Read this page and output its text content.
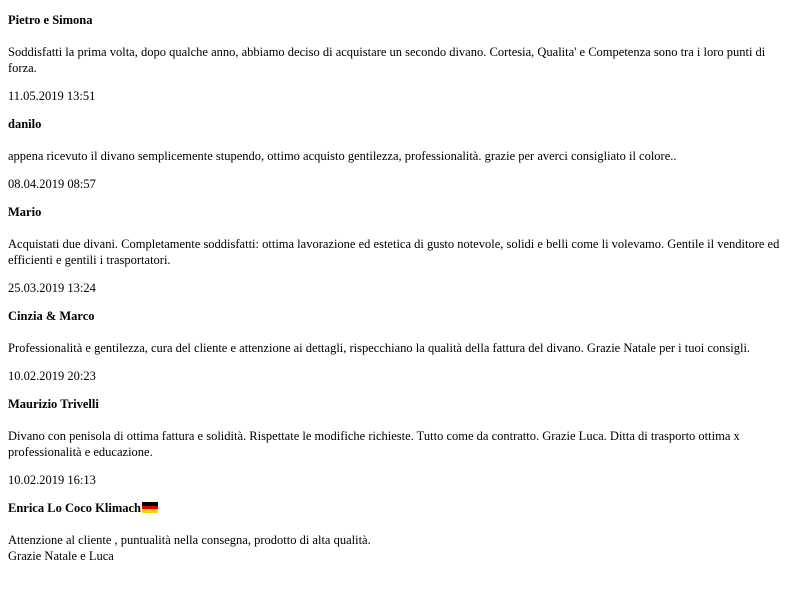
Pietro e Simona
Soddisfatti la prima volta, dopo qualche anno, abbiamo deciso di acquistare un secondo divano. Cortesia, Qualita' e Competenza sono tra i loro punti di forza.
11.05.2019 13:51
danilo
appena ricevuto il divano semplicemente stupendo, ottimo acquisto gentilezza, professionalità. grazie per averci consigliato il colore..
08.04.2019 08:57
Mario
Acquistati due divani. Completamente soddisfatti: ottima lavorazione ed estetica di gusto notevole, solidi e belli come li volevamo. Gentile il venditore ed efficienti e gentili i trasportatori.
25.03.2019 13:24
Cinzia & Marco
Professionalità e gentilezza, cura del cliente e attenzione ai dettagli, rispecchiano la qualità della fattura del divano. Grazie Natale per i tuoi consigli.
10.02.2019 20:23
Maurizio Trivelli
Divano con penisola di ottima fattura e solidità. Rispettate le modifiche richieste. Tutto come da contratto. Grazie Luca. Ditta di trasporto ottima x professionalità e educazione.
10.02.2019 16:13
Enrica Lo Coco Klimach
Attenzione al cliente , puntualità nella consegna, prodotto di alta qualità.
Grazie Natale e Luca
